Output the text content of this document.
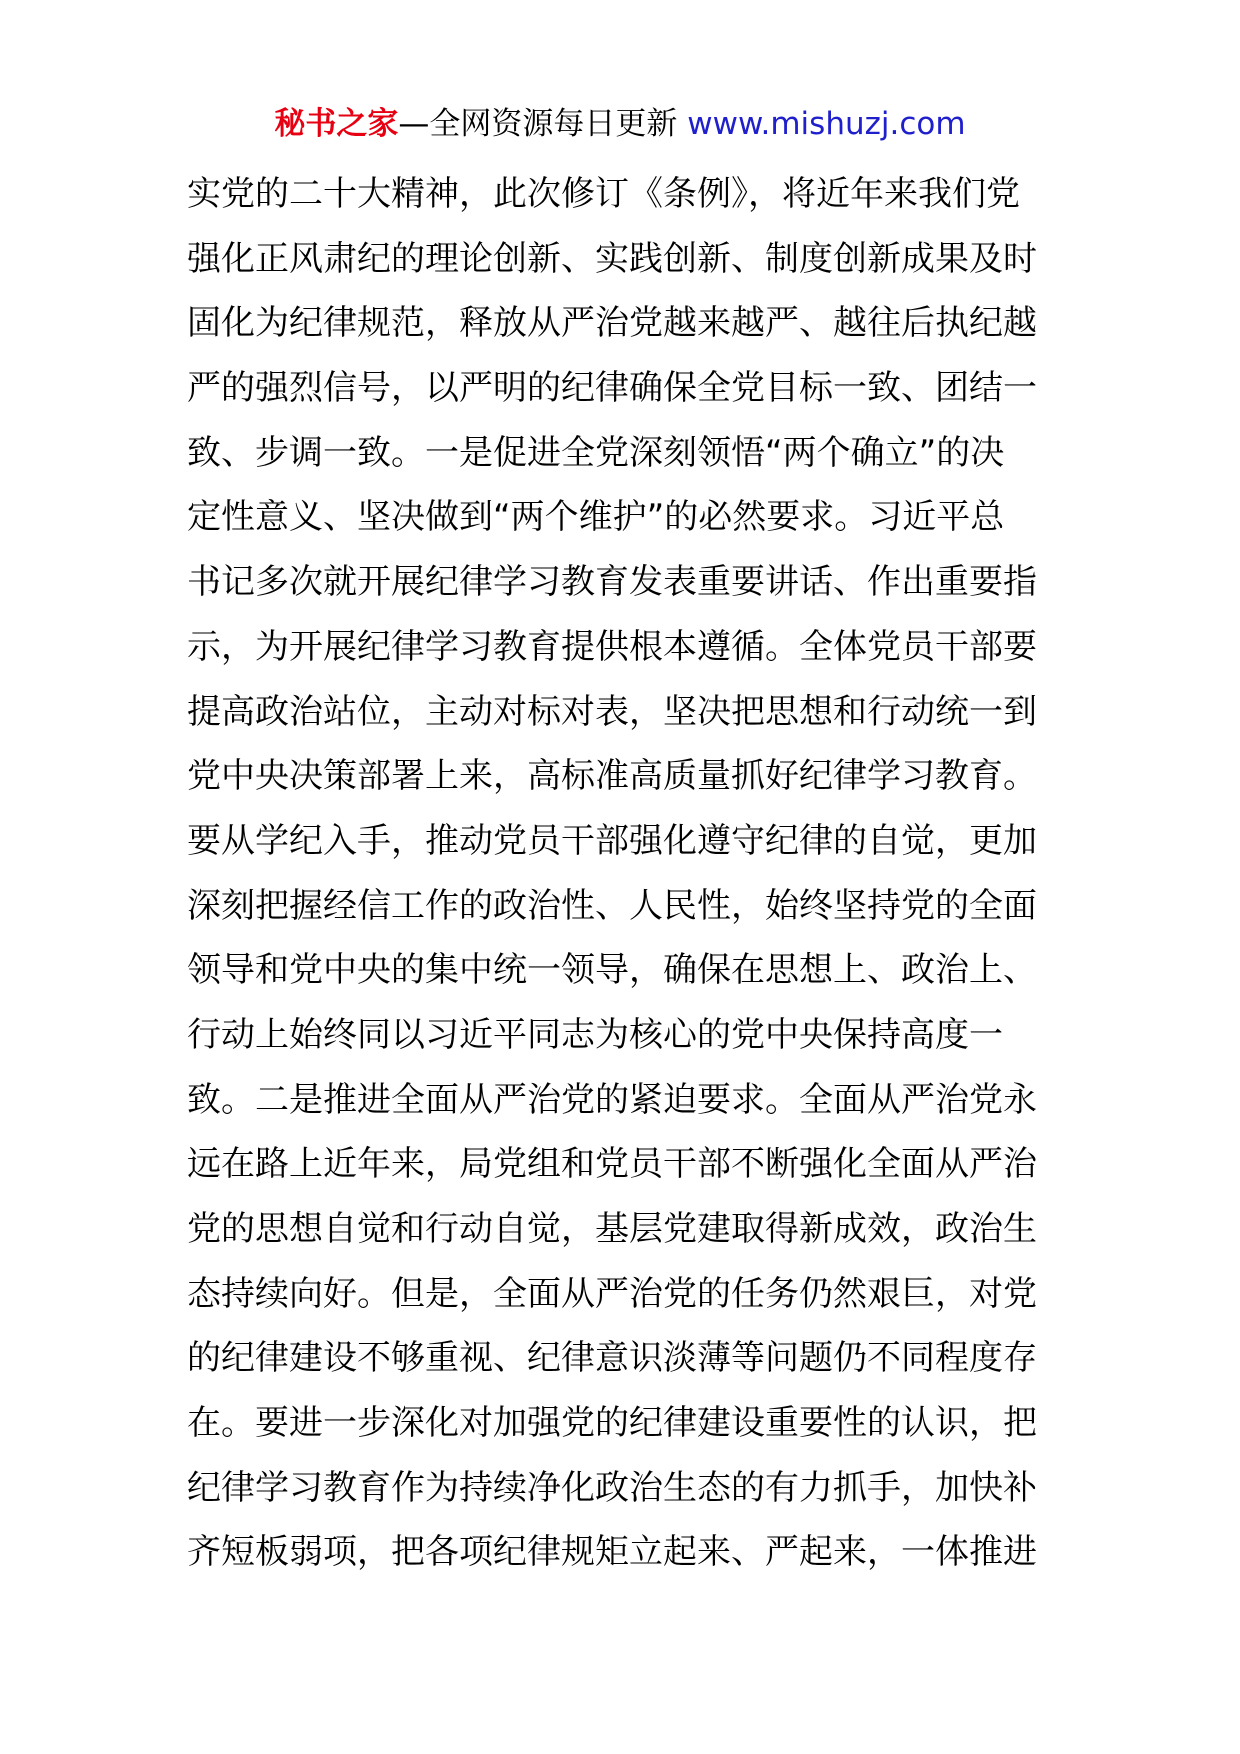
秘书之家—全网资源每日更新 www.mishuzj.com
实党的二十大精神，此次修订《条例》，将近年来我们党
强化正风肃纪的理论创新、实践创新、制度创新成果及时
固化为纪律规范，释放从严治党越来越严、越往后执纪越
严的强烈信号，以严明的纪律确保全党目标一致、团结一
致、步调一致。一是促进全党深刻领悟“两个确立”的决
定性意义、坚决做到“两个维护”的必然要求。习近平总
书记多次就开展纪律学习教育发表重要讲话、作出重要指
示，为开展纪律学习教育提供根本遵循。全体党员干部要
提高政治站位，主动对标对表，坚决把思想和行动统一到
党中央决策部署上来，高标准高质量抓好纪律学习教育。
要从学纪入手，推动党员干部强化遵守纪律的自觉，更加
深刻把握经信工作的政治性、人民性，始终坚持党的全面
领导和党中央的集中统一领导，确保在思想上、政治上、
行动上始终同以习近平同志为核心的党中央保持高度一
致。二是推进全面从严治党的紧迫要求。全面从严治党永
远在路上近年来，局党组和党员干部不断强化全面从严治
党的思想自觉和行动自觉，基层党建取得新成效，政治生
态持续向好。但是，全面从严治党的任务仍然艰巨，对党
的纪律建设不够重视、纪律意识淡薄等问题仍不同程度存
在。要进一步深化对加强党的纪律建设重要性的认识，把
纪律学习教育作为持续净化政治生态的有力抓手，加快补
齐短板弱项，把各项纪律规矩立起来、严起来，一体推进
